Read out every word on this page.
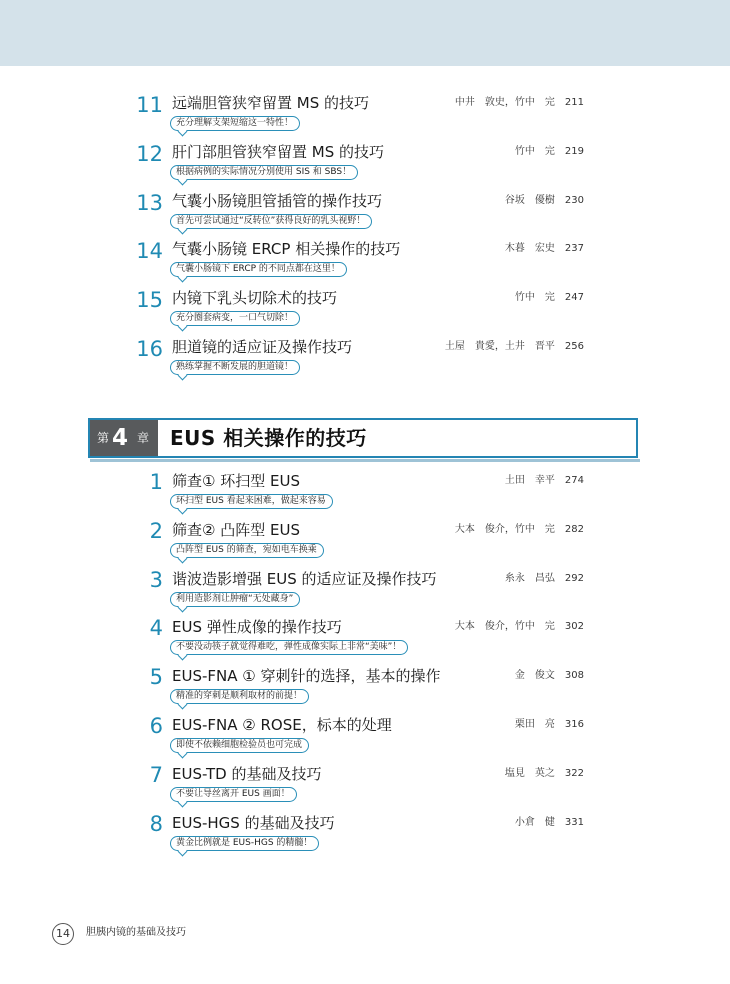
11 远端胆管狭窄留置 MS 的技巧	中井　敦史，竹中　完　211
充分理解支架短缩这一特性！
12 肝门部胆管狭窄留置 MS 的技巧	竹中　完　219
根据病例的实际情况分别使用 SIS 和 SBS！
13 气囊小肠镜胆管插管的操作技巧	谷坂　優樹　230
首先可尝试通过“反转位”获得良好的乳头视野！
14 气囊小肠镜 ERCP 相关操作的技巧	木暮　宏史　237
气囊小肠镜下 ERCP 的不同点都在这里！
15 内镜下乳头切除术的技巧	竹中　完　247
充分圈套病变，一口气切除！
16 胆道镜的适应证及操作技巧	土屋　貴愛，土井　晋平　256
熟练掌握不断发展的胆道镜！
第 4 章 EUS 相关操作的技巧
1 筛查① 环扫型 EUS	土田　幸平　274
环扫型 EUS 看起来困难，做起来容易
2 筛查② 凸阵型 EUS	大本　俊介，竹中　完　282
凸阵型 EUS 的筛查，宛如电车换乘
3 谐波造影增强 EUS 的适应证及操作技巧	糸永　昌弘　292
利用造影剂让肿瘤“无处藏身”
4 EUS 弹性成像的操作技巧	大本　俊介，竹中　完　302
不要没动筷子就觉得难吃，弹性成像实际上非常“美味”！
5 EUS-FNA ① 穿刺针的选择，基本的操作	金　俊文　308
精准的穿刺是顺利取材的前提！
6 EUS-FNA ② ROSE，标本的处理	栗田　亮　316
即使不依赖细胞检验员也可完成
7 EUS-TD 的基础及技巧	塩見　英之　322
不要让导丝离开 EUS 画面！
8 EUS-HGS 的基础及技巧	小倉　健　331
黄金比例就是 EUS-HGS 的精髓！
14	胆胰内镜的基础及技巧
